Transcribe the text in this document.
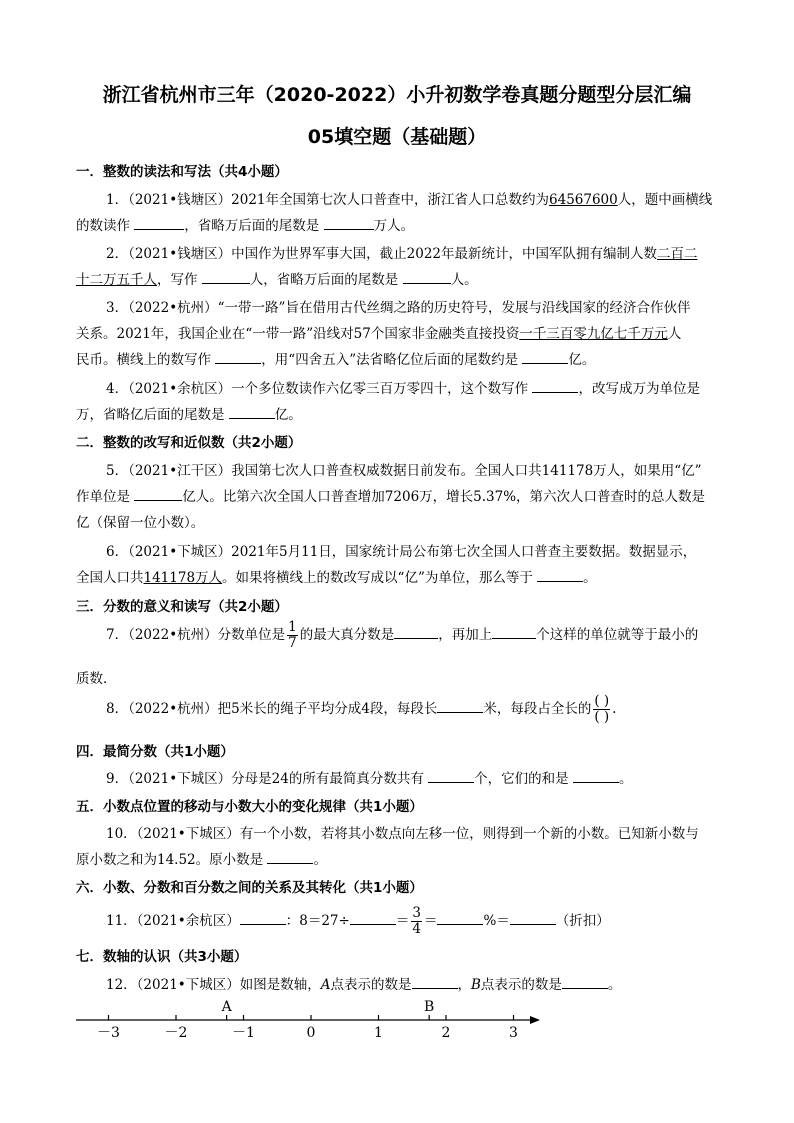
浙江省杭州市三年（2020-2022）小升初数学卷真题分题型分层汇编
05填空题（基础题）
一．整数的读法和写法（共4小题）
1．（2021•钱塘区）2021年全国第七次人口普查中，浙江省人口总数约为64567600人，题中画横线
的数读作	，省略万后面的尾数是	万人。
2．（2021•钱塘区）中国作为世界军事大国，截止2022年最新统计，中国军队拥有编制人数二百二
十二万五千人，写作	人，省略万后面的尾数是	人。
3．（2022•杭州）“一带一路”旨在借用古代丝绸之路的历史符号，发展与沿线国家的经济合作伙伴
关系。2021年，我国企业在“一带一路”沿线对57个国家非金融类直接投资一千三百零九亿七千万元人
民币。横线上的数写作	，用“四舍五入”法省略亿位后面的尾数约是	亿。
4．（2021•余杭区）一个多位数读作六亿零三百万零四十，这个数写作	，改写成万为单位是
万，省略亿后面的尾数是	亿。
二．整数的改写和近似数（共2小题）
5．（2021•江干区）我国第七次人口普查权威数据日前发布。全国人口共141178万人，如果用“亿”
作单位是	亿人。比第六次全国人口普查增加7206万，增长5.37%，第六次人口普查时的总人数是
亿（保留一位小数）。
6．（2021•下城区）2021年5月11日，国家统计局公布第七次全国人口普查主要数据。数据显示，
全国人口共141178万人。如果将横线上的数改写成以“亿”为单位，那么等于	。
三．分数的意义和读写（共2小题）
7．（2022•杭州）分数单位是 $\frac{1}{7}$ 的最大真分数是	，再加上	个这样的单位就等于最小的
质数．
8．（2022•杭州）把5米长的绳子平均分成4段，每段长	米，每段占全长的 $\frac{( )}{( )}$ .
四．最简分数（共1小题）
9．（2021•下城区）分母是24的所有最简真分数共有	个，它们的和是	。
五．小数点位置的移动与小数大小的变化规律（共1小题）
10．（2021•下城区）有一个小数，若将其小数点向左移一位，则得到一个新的小数。已知新小数与
原小数之和为14.52。原小数是	。
六．小数、分数和百分数之间的关系及其转化（共1小题）
11．（2021•余杭区）	：8＝27÷	＝ $\frac{3}{4}$ ＝	%＝	（折扣）
七．数轴的认识（共3小题）
12．（2021•下城区）如图是数轴，A点表示的数是	，B点表示的数是	。
－3	－2	－1	0	1	2	3
A	B
